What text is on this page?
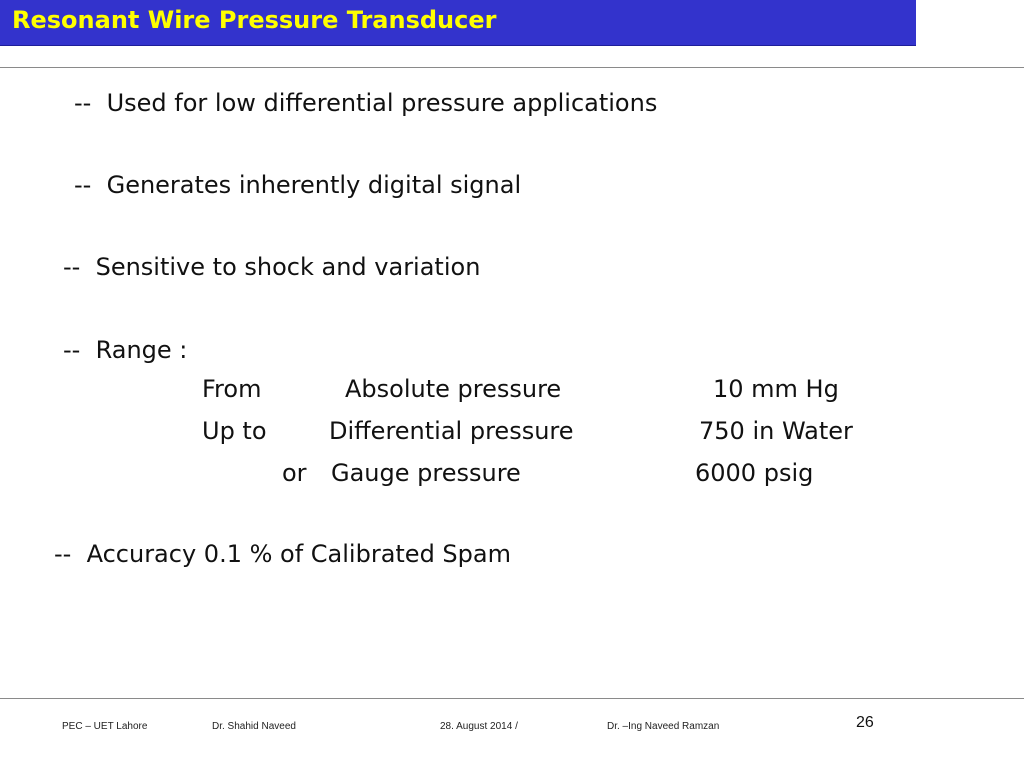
Resonant Wire Pressure Transducer
-- Used for low differential pressure applications
-- Generates inherently digital signal
-- Sensitive to shock and variation
-- Range :
From	Absolute pressure	10 mm Hg
Up to	Differential pressure	750 in Water
or Gauge pressure	6000 psig
-- Accuracy 0.1 % of Calibrated Spam
PEC – UET Lahore	Dr. Shahid Naveed	28. August 2014 /	Dr. –Ing Naveed Ramzan	26
